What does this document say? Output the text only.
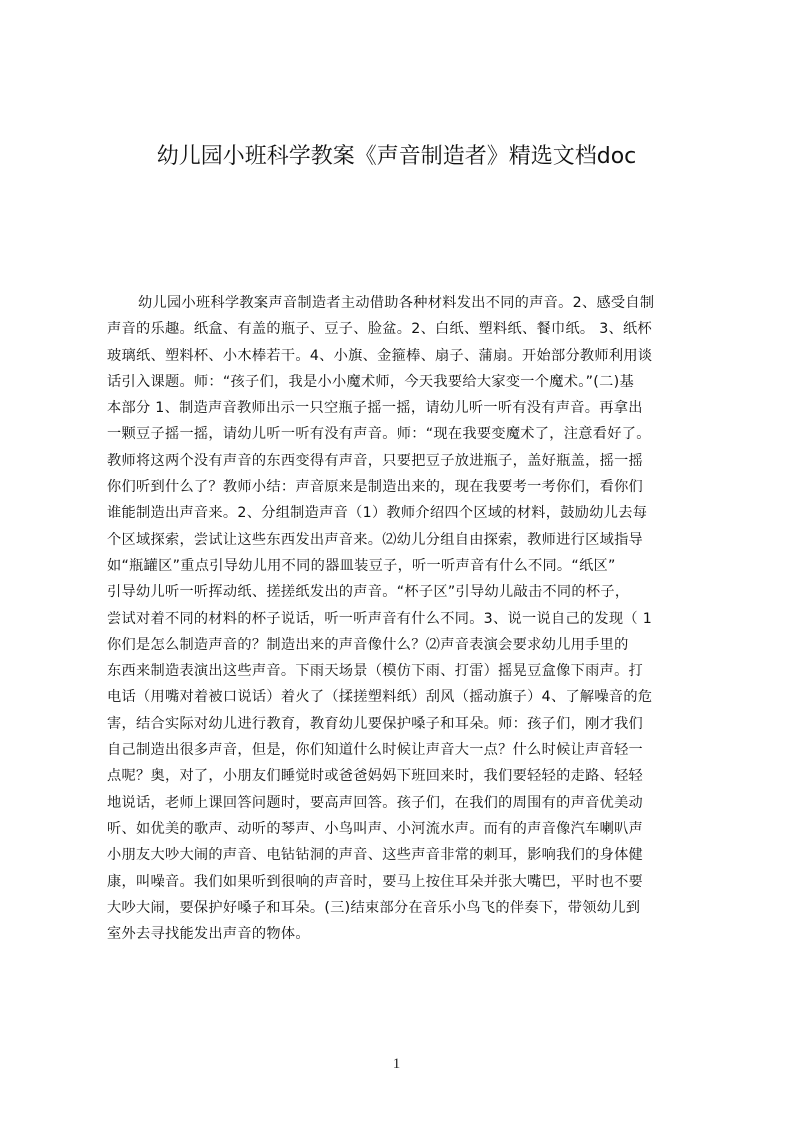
幼儿园小班科学教案《声音制造者》精选文档doc
幼儿园小班科学教案声音制造者主动借助各种材料发出不同的声音。2、感受自制
声音的乐趣。纸盒、有盖的瓶子、豆子、脸盆。2、白纸、塑料纸、餐巾纸。 3、纸杯
玻璃纸、塑料杯、小木棒若干。4、小旗、金箍棒、扇子、蒲扇。开始部分教师利用谈
话引入课题。师：“孩子们，我是小小魔术师，今天我要给大家变一个魔术。”(二)基
本部分 1、制造声音教师出示一只空瓶子摇一摇，请幼儿听一听有没有声音。再拿出
一颗豆子摇一摇，请幼儿听一听有没有声音。师：“现在我要变魔术了，注意看好了。
教师将这两个没有声音的东西变得有声音，只要把豆子放进瓶子，盖好瓶盖，摇一摇
你们听到什么了？教师小结：声音原来是制造出来的，现在我要考一考你们，看你们
谁能制造出声音来。2、分组制造声音（1）教师介绍四个区域的材料，鼓励幼儿去每
个区域探索，尝试让这些东西发出声音来。⑵幼儿分组自由探索，教师进行区域指导
如“瓶罐区”重点引导幼儿用不同的器皿装豆子，听一听声音有什么不同。“纸区”
引导幼儿听一听挥动纸、搓搓纸发出的声音。“杯子区”引导幼儿敲击不同的杯子，
尝试对着不同的材料的杯子说话，听一听声音有什么不同。3、说一说自己的发现（ 1
你们是怎么制造声音的？制造出来的声音像什么？⑵声音表演会要求幼儿用手里的
东西来制造表演出这些声音。下雨天场景（模仿下雨、打雷）摇晃豆盒像下雨声。打
电话（用嘴对着被口说话）着火了（揉搓塑料纸）刮风（摇动旗子）4、了解噪音的危
害，结合实际对幼儿进行教育，教育幼儿要保护嗓子和耳朵。师：孩子们，刚才我们
自己制造出很多声音，但是，你们知道什么时候让声音大一点？什么时候让声音轻一
点呢？奥，对了，小朋友们睡觉时或爸爸妈妈下班回来时，我们要轻轻的走路、轻轻
地说话，老师上课回答问题时，要高声回答。孩子们，在我们的周围有的声音优美动
听、如优美的歌声、动听的琴声、小鸟叫声、小河流水声。而有的声音像汽车喇叭声
小朋友大吵大闹的声音、电钻钻洞的声音、这些声音非常的刺耳，影响我们的身体健
康，叫噪音。我们如果听到很响的声音时，要马上按住耳朵并张大嘴巴，平时也不要
大吵大闹，要保护好嗓子和耳朵。(三)结束部分在音乐小鸟飞的伴奏下，带领幼儿到
室外去寻找能发出声音的物体。
1
